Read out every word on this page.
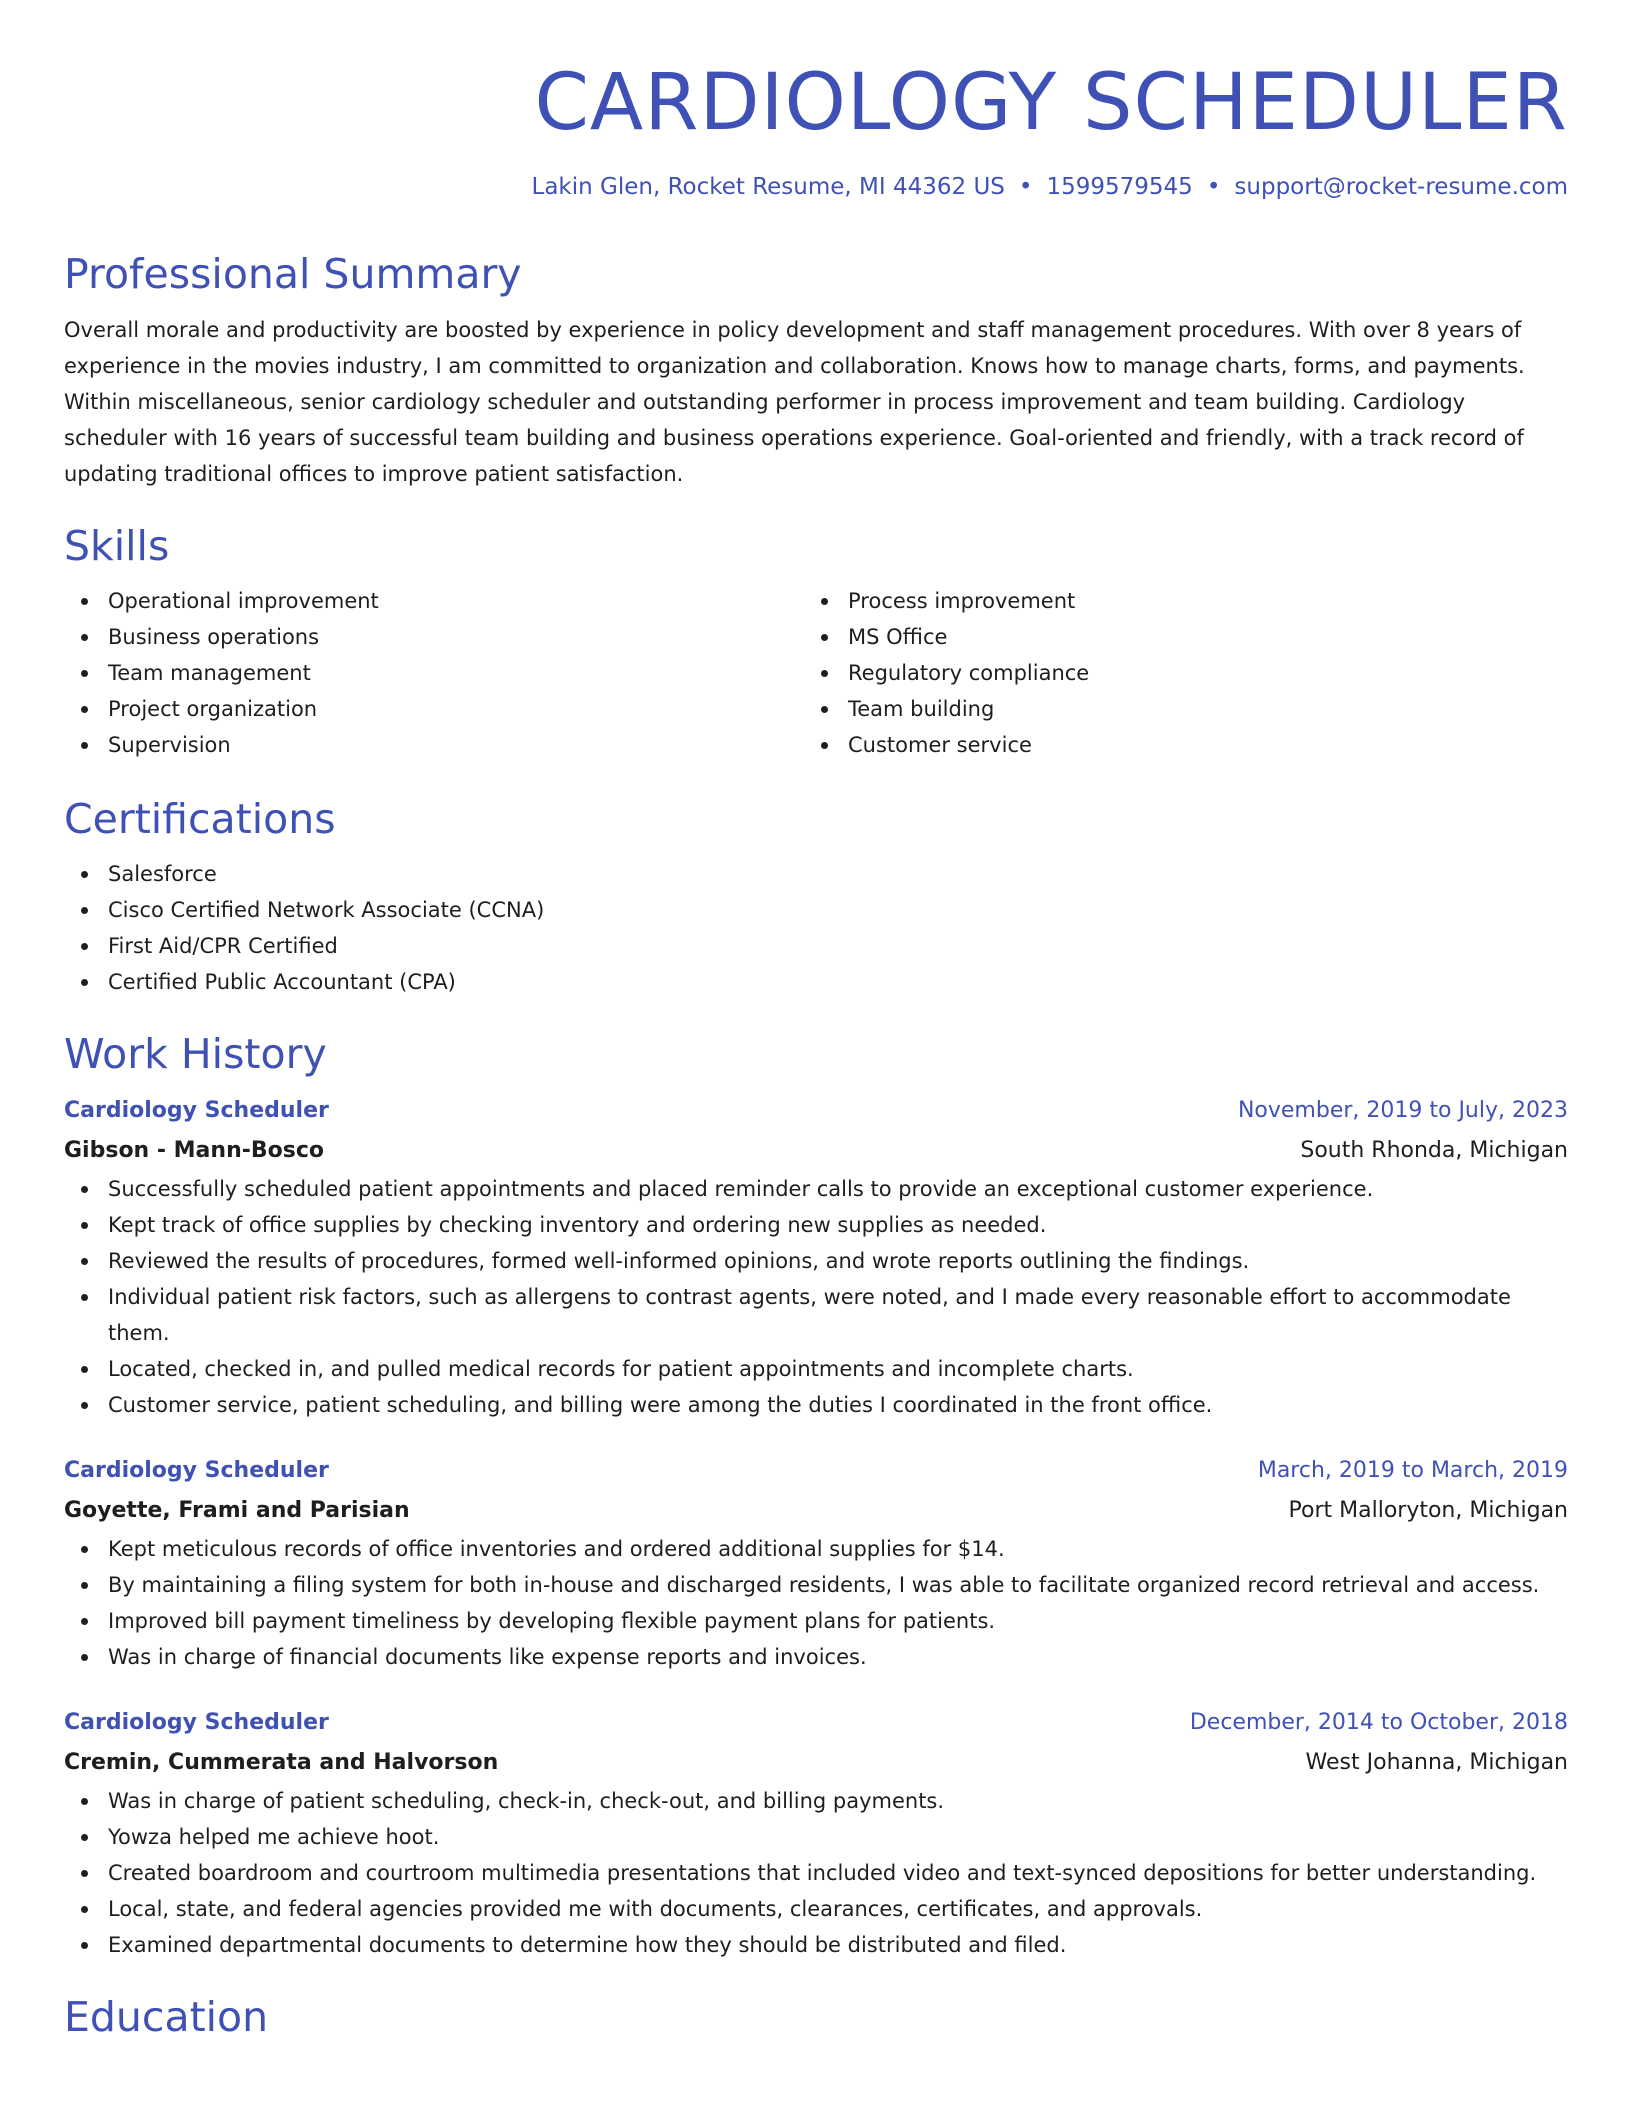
CARDIOLOGY SCHEDULER
Lakin Glen, Rocket Resume, MI 44362 US • 1599579545 • support@rocket-resume.com
Professional Summary

Overall morale and productivity are boosted by experience in policy development and staff management procedures. With over 8 years of experience in the movies industry, I am committed to organization and collaboration. Knows how to manage charts, forms, and payments. Within miscellaneous, senior cardiology scheduler and outstanding performer in process improvement and team building. Cardiology scheduler with 16 years of successful team building and business operations experience. Goal-oriented and friendly, with a track record of updating traditional offices to improve patient satisfaction.

Skills
Operational improvement
Business operations
Team management
Project organization
Supervision
Process improvement
MS Office
Regulatory compliance
Team building
Customer service
Certifications
Salesforce
Cisco Certified Network Associate (CCNA)
First Aid/CPR Certified
Certified Public Accountant (CPA)
Work History
Cardiology Scheduler	November, 2019 to July, 2023
Gibson - Mann-Bosco	South Rhonda, Michigan
Successfully scheduled patient appointments and placed reminder calls to provide an exceptional customer experience.
Kept track of office supplies by checking inventory and ordering new supplies as needed.
Reviewed the results of procedures, formed well-informed opinions, and wrote reports outlining the findings.
Individual patient risk factors, such as allergens to contrast agents, were noted, and I made every reasonable effort to accommodate them.
Located, checked in, and pulled medical records for patient appointments and incomplete charts.
Customer service, patient scheduling, and billing were among the duties I coordinated in the front office.
Cardiology Scheduler	March, 2019 to March, 2019
Goyette, Frami and Parisian	Port Malloryton, Michigan
Kept meticulous records of office inventories and ordered additional supplies for $14.
By maintaining a filing system for both in-house and discharged residents, I was able to facilitate organized record retrieval and access.
Improved bill payment timeliness by developing flexible payment plans for patients.
Was in charge of financial documents like expense reports and invoices.
Cardiology Scheduler	December, 2014 to October, 2018
Cremin, Cummerata and Halvorson	West Johanna, Michigan
Was in charge of patient scheduling, check-in, check-out, and billing payments.
Yowza helped me achieve hoot.
Created boardroom and courtroom multimedia presentations that included video and text-synced depositions for better understanding.
Local, state, and federal agencies provided me with documents, clearances, certificates, and approvals.
Examined departmental documents to determine how they should be distributed and filed.
Education
